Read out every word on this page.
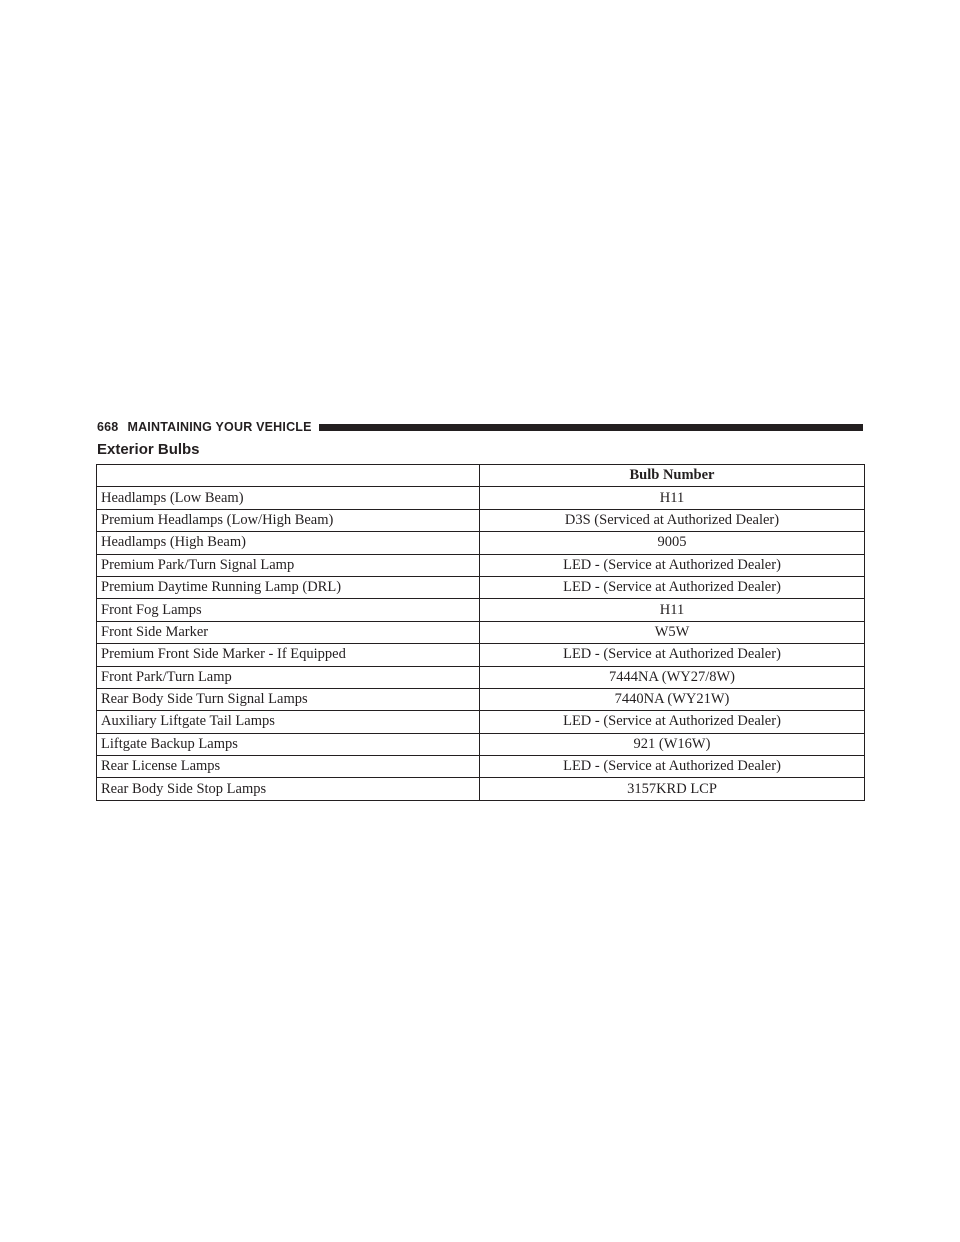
668 MAINTAINING YOUR VEHICLE
Exterior Bulbs
	Bulb Number
Headlamps (Low Beam)	H11
Premium Headlamps (Low/High Beam)	D3S (Serviced at Authorized Dealer)
Headlamps (High Beam)	9005
Premium Park/Turn Signal Lamp	LED - (Service at Authorized Dealer)
Premium Daytime Running Lamp (DRL)	LED - (Service at Authorized Dealer)
Front Fog Lamps	H11
Front Side Marker	W5W
Premium Front Side Marker - If Equipped	LED - (Service at Authorized Dealer)
Front Park/Turn Lamp	7444NA (WY27/8W)
Rear Body Side Turn Signal Lamps	7440NA (WY21W)
Auxiliary Liftgate Tail Lamps	LED - (Service at Authorized Dealer)
Liftgate Backup Lamps	921 (W16W)
Rear License Lamps	LED - (Service at Authorized Dealer)
Rear Body Side Stop Lamps	3157KRD LCP
